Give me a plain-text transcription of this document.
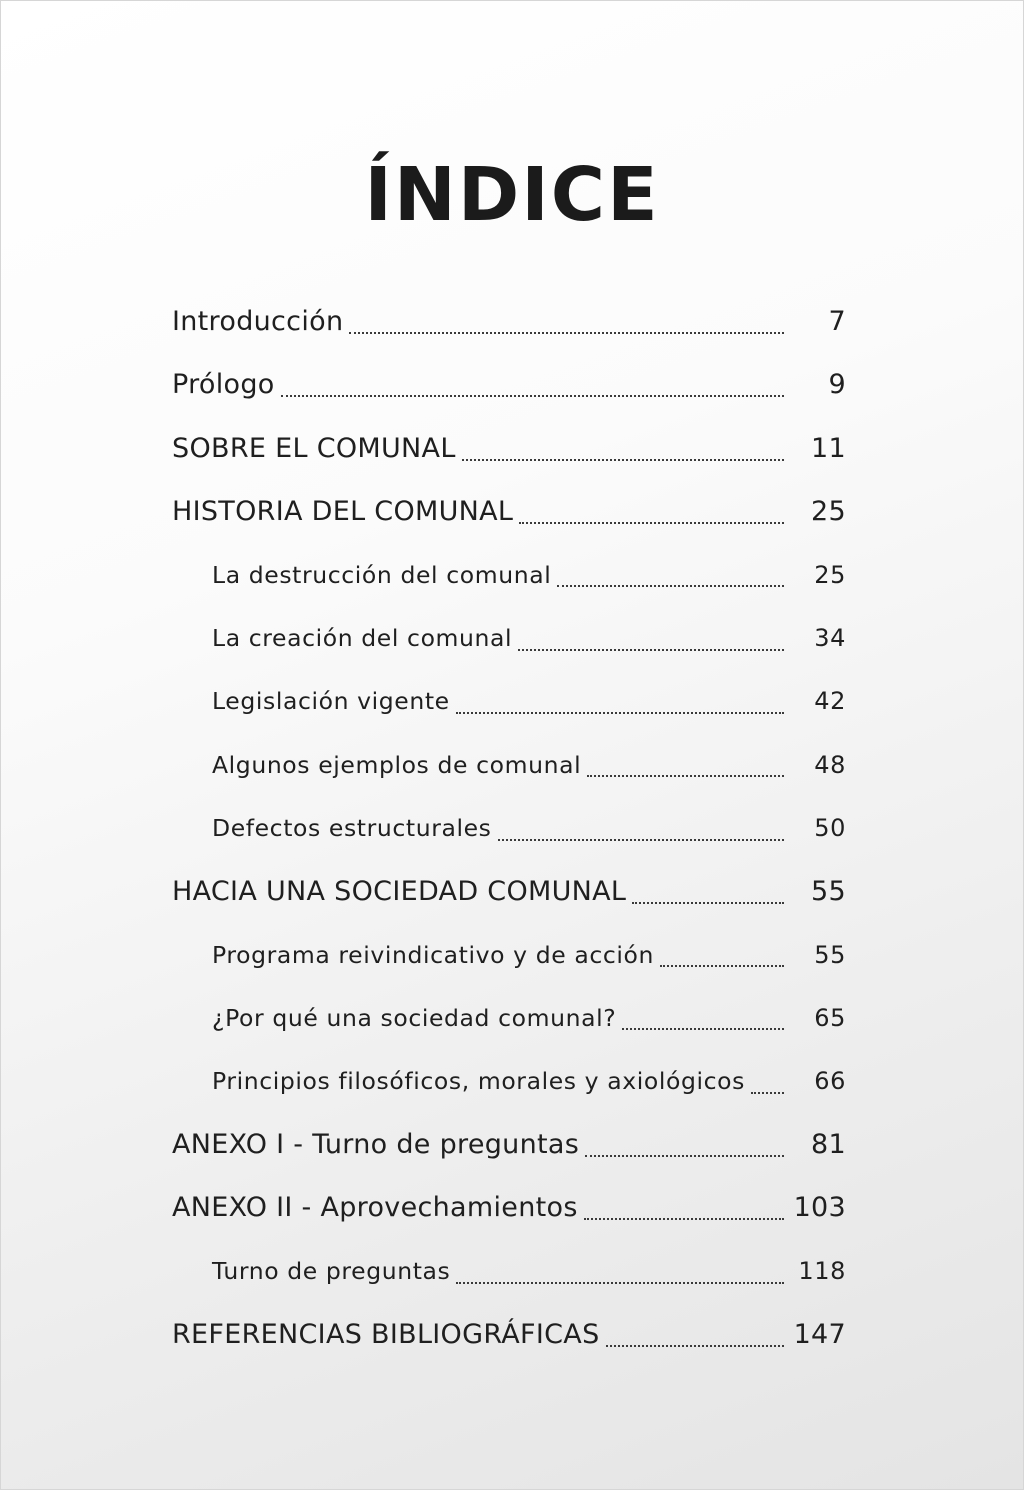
ÍNDICE
Introducción	7
Prólogo	9
SOBRE EL COMUNAL	11
HISTORIA DEL COMUNAL	25
La destrucción del comunal	25
La creación del comunal	34
Legislación vigente	42
Algunos ejemplos de comunal	48
Defectos estructurales	50
HACIA UNA SOCIEDAD COMUNAL	55
Programa reivindicativo y de acción	55
¿Por qué una sociedad comunal?	65
Principios filosóficos, morales y axiológicos	66
ANEXO I - Turno de preguntas	81
ANEXO II - Aprovechamientos	103
Turno de preguntas	118
REFERENCIAS BIBLIOGRÁFICAS	147
